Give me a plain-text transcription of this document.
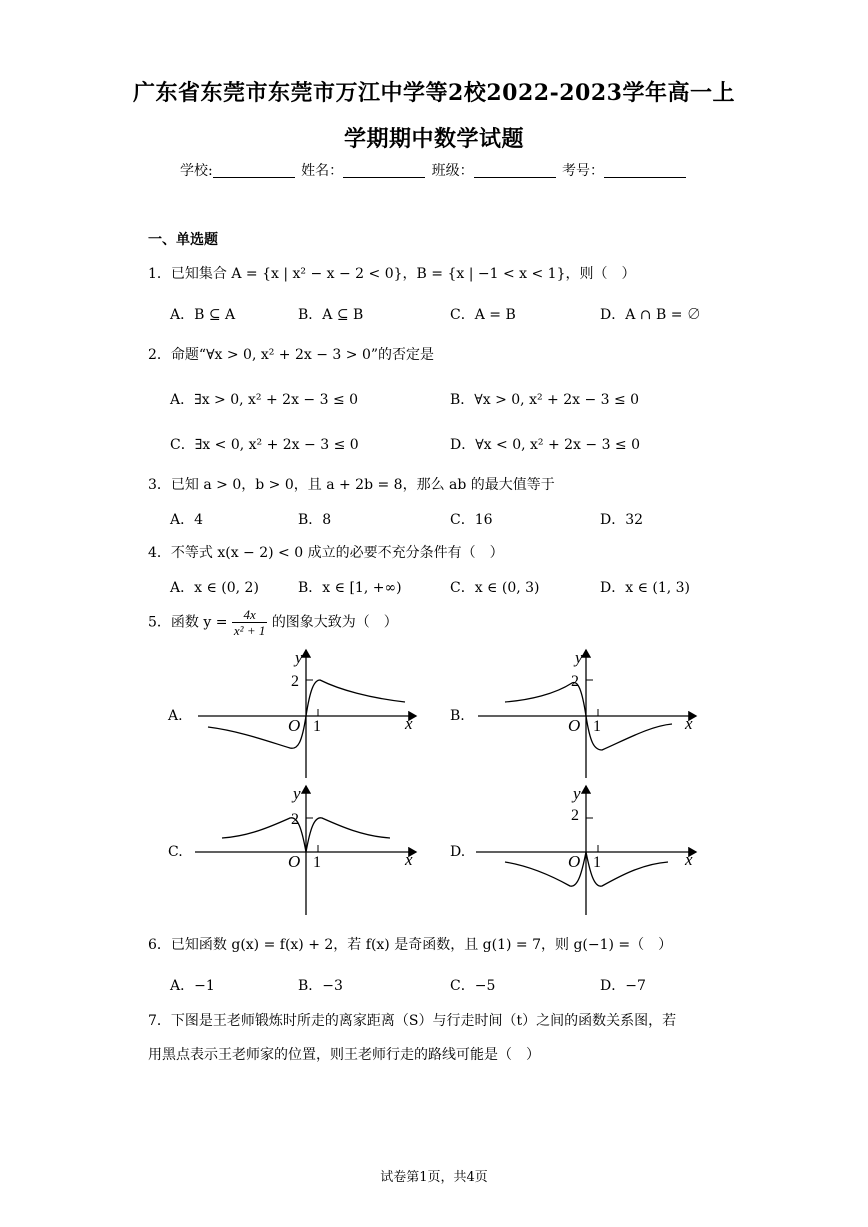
广东省东莞市东莞市万江中学等2校2022-2023学年高一上
学期期中数学试题
学校:	姓名：	班级：	考号：
一、单选题
1．已知集合 A = {x | x² − x − 2 < 0}，B = {x | −1 < x < 1}，则（　）
A．B ⊆ A	B．A ⊆ B	C．A = B	D．A ∩ B = ∅
2．命题“∀x > 0, x² + 2x − 3 > 0”的否定是
A．∃x > 0, x² + 2x − 3 ≤ 0	B．∀x > 0, x² + 2x − 3 ≤ 0
C．∃x < 0, x² + 2x − 3 ≤ 0	D．∀x < 0, x² + 2x − 3 ≤ 0
3．已知 a > 0，b > 0，且 a + 2b = 8，那么 ab 的最大值等于
A．4	B．8	C．16	D．32
4．不等式 x(x − 2) < 0 成立的必要不充分条件有（　）
A．x ∈ (0, 2)	B．x ∈ [1, +∞)	C．x ∈ (0, 3)	D．x ∈ (1, 3)
5．函数 $y = \frac{4x}{\text{x² + 1}}$ 的图象大致为（　）
A.	B.
C.	D.
y
x
O 1
2
y
x
O 1
2
y
x
O 1
2
y
x
O 1
2
6．已知函数 g(x) = f(x) + 2，若 f(x) 是奇函数，且 g(1) = 7，则 g(−1) =（　）
A．−1	B．−3	C．−5	D．−7
7．下图是王老师锻炼时所走的离家距离（S）与行走时间（t）之间的函数关系图，若
用黑点表示王老师家的位置，则王老师行走的路线可能是（　）
试卷第1页，共4页
